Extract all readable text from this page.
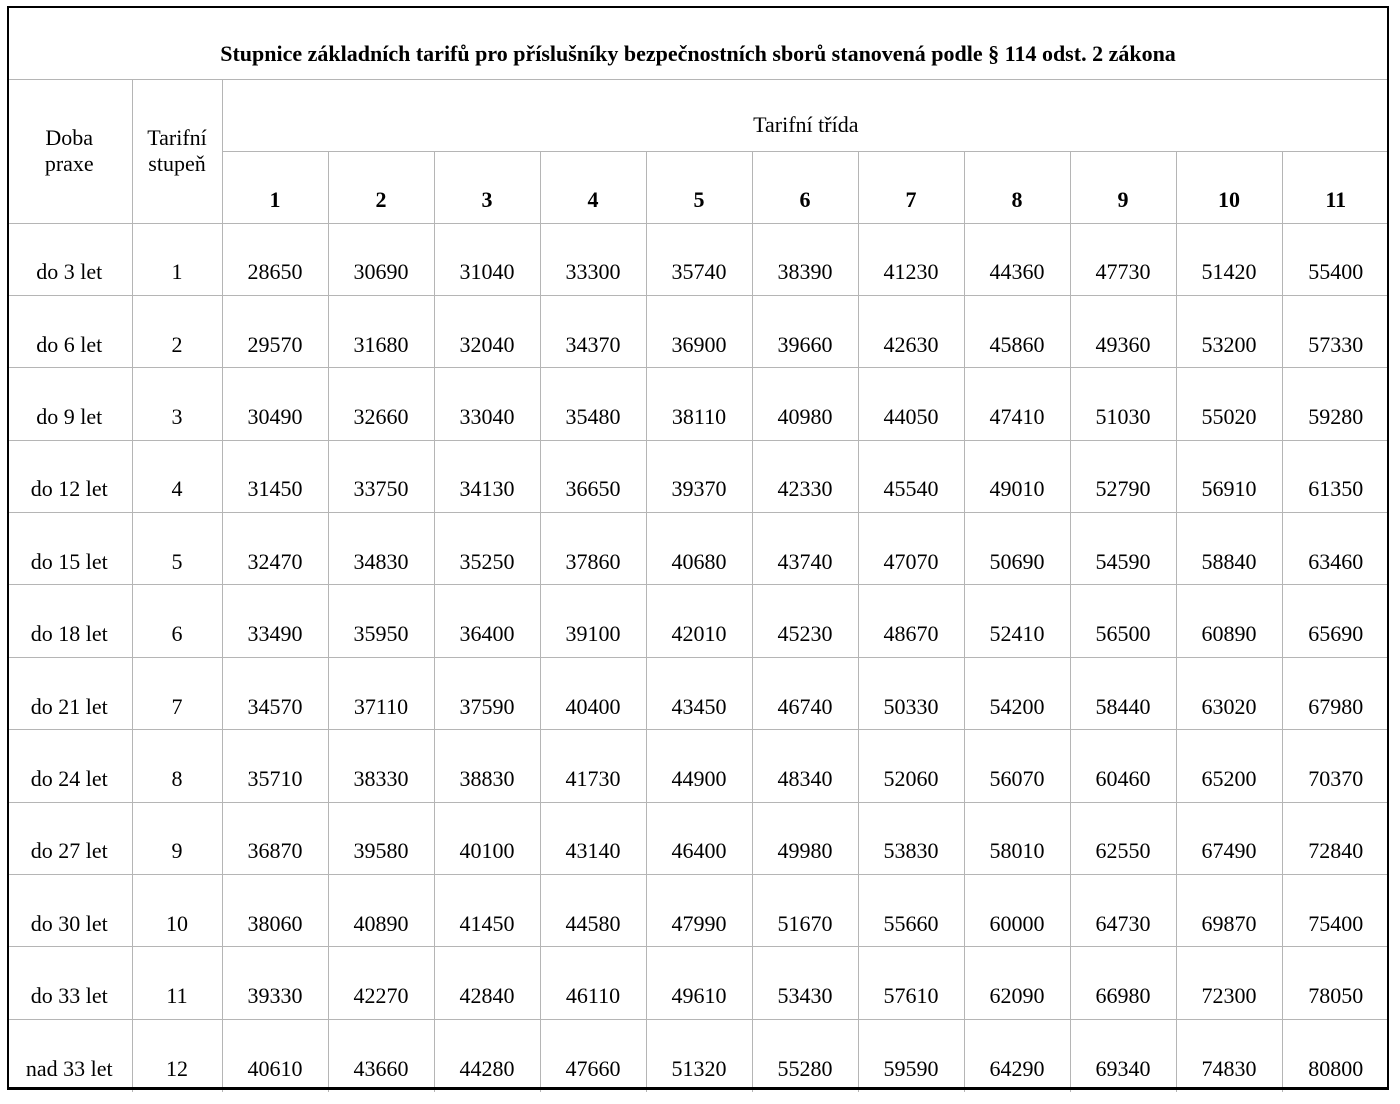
Stupnice základních tarifů pro příslušníky bezpečnostních sborů stanovená podle § 114 odst. 2 zákona												
Doba praxe	Tarifní stupeň	Tarifní třída										
		1	2	3	4	5	6	7	8	9	10	11
do 3 let	1	28650	30690	31040	33300	35740	38390	41230	44360	47730	51420	55400
do 6 let	2	29570	31680	32040	34370	36900	39660	42630	45860	49360	53200	57330
do 9 let	3	30490	32660	33040	35480	38110	40980	44050	47410	51030	55020	59280
do 12 let	4	31450	33750	34130	36650	39370	42330	45540	49010	52790	56910	61350
do 15 let	5	32470	34830	35250	37860	40680	43740	47070	50690	54590	58840	63460
do 18 let	6	33490	35950	36400	39100	42010	45230	48670	52410	56500	60890	65690
do 21 let	7	34570	37110	37590	40400	43450	46740	50330	54200	58440	63020	67980
do 24 let	8	35710	38330	38830	41730	44900	48340	52060	56070	60460	65200	70370
do 27 let	9	36870	39580	40100	43140	46400	49980	53830	58010	62550	67490	72840
do 30 let	10	38060	40890	41450	44580	47990	51670	55660	60000	64730	69870	75400
do 33 let	11	39330	42270	42840	46110	49610	53430	57610	62090	66980	72300	78050
nad 33 let	12	40610	43660	44280	47660	51320	55280	59590	64290	69340	74830	80800
